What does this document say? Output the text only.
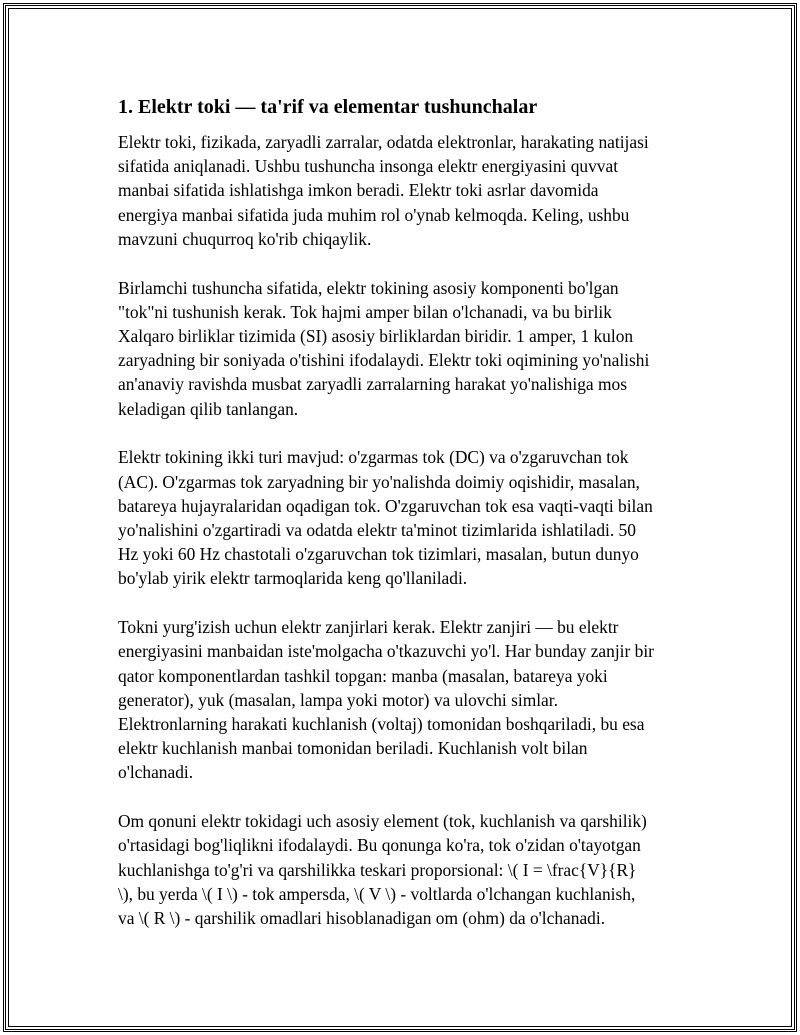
1. Elektr toki — ta'rif va elementar tushunchalar

Elektr toki, fizikada, zaryadli zarralar, odatda elektronlar, harakating natijasi
sifatida aniqlanadi. Ushbu tushuncha insonga elektr energiyasini quvvat
manbai sifatida ishlatishga imkon beradi. Elektr toki asrlar davomida
energiya manbai sifatida juda muhim rol o'ynab kelmoqda. Keling, ushbu
mavzuni chuqurroq ko'rib chiqaylik.

Birlamchi tushuncha sifatida, elektr tokining asosiy komponenti bo'lgan
"tok"ni tushunish kerak. Tok hajmi amper bilan o'lchanadi, va bu birlik
Xalqaro birliklar tizimida (SI) asosiy birliklardan biridir. 1 amper, 1 kulon
zaryadning bir soniyada o'tishini ifodalaydi. Elektr toki oqimining yo'nalishi
an'anaviy ravishda musbat zaryadli zarralarning harakat yo'nalishiga mos
keladigan qilib tanlangan.

Elektr tokining ikki turi mavjud: o'zgarmas tok (DC) va o'zgaruvchan tok
(AC). O'zgarmas tok zaryadning bir yo'nalishda doimiy oqishidir, masalan,
batareya hujayralaridan oqadigan tok. O'zgaruvchan tok esa vaqti-vaqti bilan
yo'nalishini o'zgartiradi va odatda elektr ta'minot tizimlarida ishlatiladi. 50
Hz yoki 60 Hz chastotali o'zgaruvchan tok tizimlari, masalan, butun dunyo
bo'ylab yirik elektr tarmoqlarida keng qo'llaniladi.

Tokni yurg'izish uchun elektr zanjirlari kerak. Elektr zanjiri — bu elektr
energiyasini manbaidan iste'molgacha o'tkazuvchi yo'l. Har bunday zanjir bir
qator komponentlardan tashkil topgan: manba (masalan, batareya yoki
generator), yuk (masalan, lampa yoki motor) va ulovchi simlar.
Elektronlarning harakati kuchlanish (voltaj) tomonidan boshqariladi, bu esa
elektr kuchlanish manbai tomonidan beriladi. Kuchlanish volt bilan
o'lchanadi.

Om qonuni elektr tokidagi uch asosiy element (tok, kuchlanish va qarshilik)
o'rtasidagi bog'liqlikni ifodalaydi. Bu qonunga ko'ra, tok o'zidan o'tayotgan
kuchlanishga to'g'ri va qarshilikka teskari proporsional: \( I = \frac{V}{R}
\), bu yerda \( I \) - tok ampersda, \( V \) - voltlarda o'lchangan kuchlanish,
va \( R \) - qarshilik omadlari hisoblanadigan om (ohm) da o'lchanadi.
